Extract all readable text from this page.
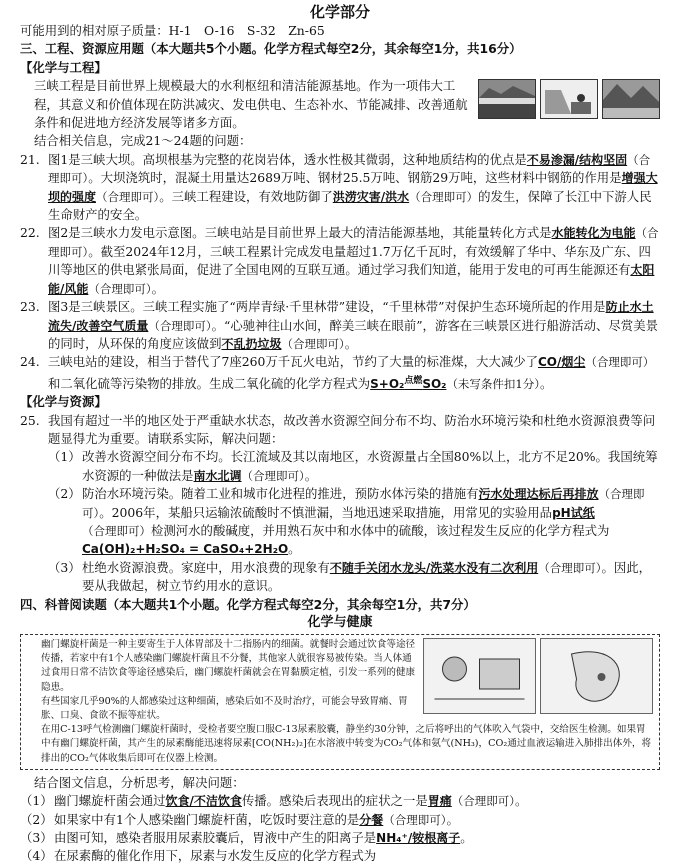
化学部分

可能用到的相对原子质量：H-1　O-16　S-32　Zn-65

三、工程、资源应用题（本大题共5个小题。化学方程式每空2分，其余每空1分，共16分）

【化学与工程】

三峡工程是目前世界上规模最大的水利枢纽和清洁能源基地。作为一项伟大工程，其意义和价值体现在防洪减灾、发电供电、生态补水、节能减排、改善通航条件和促进地方经济发展等诸多方面。

结合相关信息，完成21～24题的问题：

21. 图1是三峡大坝。高坝根基为完整的花岗岩体，透水性极其微弱，这种地质结构的优点是不易渗漏/结构坚固（合理即可）。大坝浇筑时，混凝土用量达2689万吨、钢材25.5万吨、钢筋29万吨，这些材料中钢筋的作用是增强大坝的强度（合理即可）。三峡工程建设，有效地防御了洪涝灾害/洪水（合理即可）的发生，保障了长江中下游人民生命财产的安全。

22. 图2是三峡水力发电示意图。三峡电站是目前世界上最大的清洁能源基地，其能量转化方式是水能转化为电能（合理即可）。截至2024年12月，三峡工程累计完成发电量超过1.7万亿千瓦时，有效缓解了华中、华东及广东、四川等地区的供电紧张局面，促进了全国电网的互联互通。通过学习我们知道，能用于发电的可再生能源还有太阳能/风能（合理即可）。

23. 图3是三峡景区。三峡工程实施了“两岸青绿·千里林带”建设，“千里林带”对保护生态环境所起的作用是防止水土流失/改善空气质量（合理即可）。“心驰神往山水间，醉美三峡在眼前”，游客在三峡景区进行船游活动、尽赏美景的同时，从环保的角度应该做到不乱扔垃圾（合理即可）。

24. 三峡电站的建设，相当于替代了7座260万千瓦火电站，节约了大量的标准煤，大大减少了CO/烟尘（合理即可）和二氧化硫等污染物的排放。生成二氧化硫的化学方程式为S+O₂$^{点燃}$SO₂（未写条件扣1分）。

【化学与资源】

25. 我国有超过一半的地区处于严重缺水状态，故改善水资源空间分布不均、防治水环境污染和杜绝水资源浪费等问题显得尤为重要。请联系实际，解决问题：

（1）改善水资源空间分布不均。长江流域及其以南地区，水资源量占全国80%以上，北方不足20%。我国统筹水资源的一种做法是南水北调（合理即可）。

（2）防治水环境污染。随着工业和城市化进程的推进，预防水体污染的措施有污水处理达标后再排放（合理即可）。2006年，某船只运输浓硫酸时不慎泄漏，当地迅速采取措施，用常见的实验用品pH试纸（合理即可）检测河水的酸碱度，并用熟石灰中和水体中的硫酸，该过程发生反应的化学方程式为Ca(OH)₂+H₂SO₄ = CaSO₄+2H₂O。

（3）杜绝水资源浪费。家庭中，用水浪费的现象有不随手关闭水龙头/洗菜水没有二次利用（合理即可）。因此，要从我做起，树立节约用水的意识。

四、科普阅读题（本大题共1个小题。化学方程式每空2分，其余每空1分，共7分）

化学与健康

幽门螺旋杆菌是一种主要寄生于人体胃部及十二指肠内的细菌。就餐时会通过饮食等途径传播，若家中有1个人感染幽门螺旋杆菌且不分餐，其他家人就很容易被传染。当人体通过食用日常不洁饮食等途径感染后，幽门螺旋杆菌就会在胃黏膜定植，引发一系列的健康隐患。

有些国家几乎90%的人都感染过这种细菌，感染后如不及时治疗，可能会导致胃痛、胃胀、口臭、食欲不振等症状。

在用C-13呼气检测幽门螺旋杆菌时，受检者要空腹口服C-13尿素胶囊，静坐约30分钟，之后将呼出的气体吹入气袋中，交给医生检测。如果胃中有幽门螺旋杆菌，其产生的尿素酶能迅速将尿素[CO(NH₂)₂]在水溶液中转变为CO₂气体和氨气(NH₃)，CO₂通过血液运输进入肺排出体外，将排出的CO₂气体收集后即可在仪器上检测。

结合图文信息，分析思考，解决问题：

（1）幽门螺旋杆菌会通过饮食/不洁饮食传播。感染后表现出的症状之一是胃痛（合理即可）。

（2）如果家中有1个人感染幽门螺旋杆菌，吃饭时要注意的是分餐（合理即可）。

（3）由图可知，感染者服用尿素胶囊后，胃液中产生的阳离子是NH₄⁺/铵根离子。

（4）在尿素酶的催化作用下，尿素与水发生反应的化学方程式为
